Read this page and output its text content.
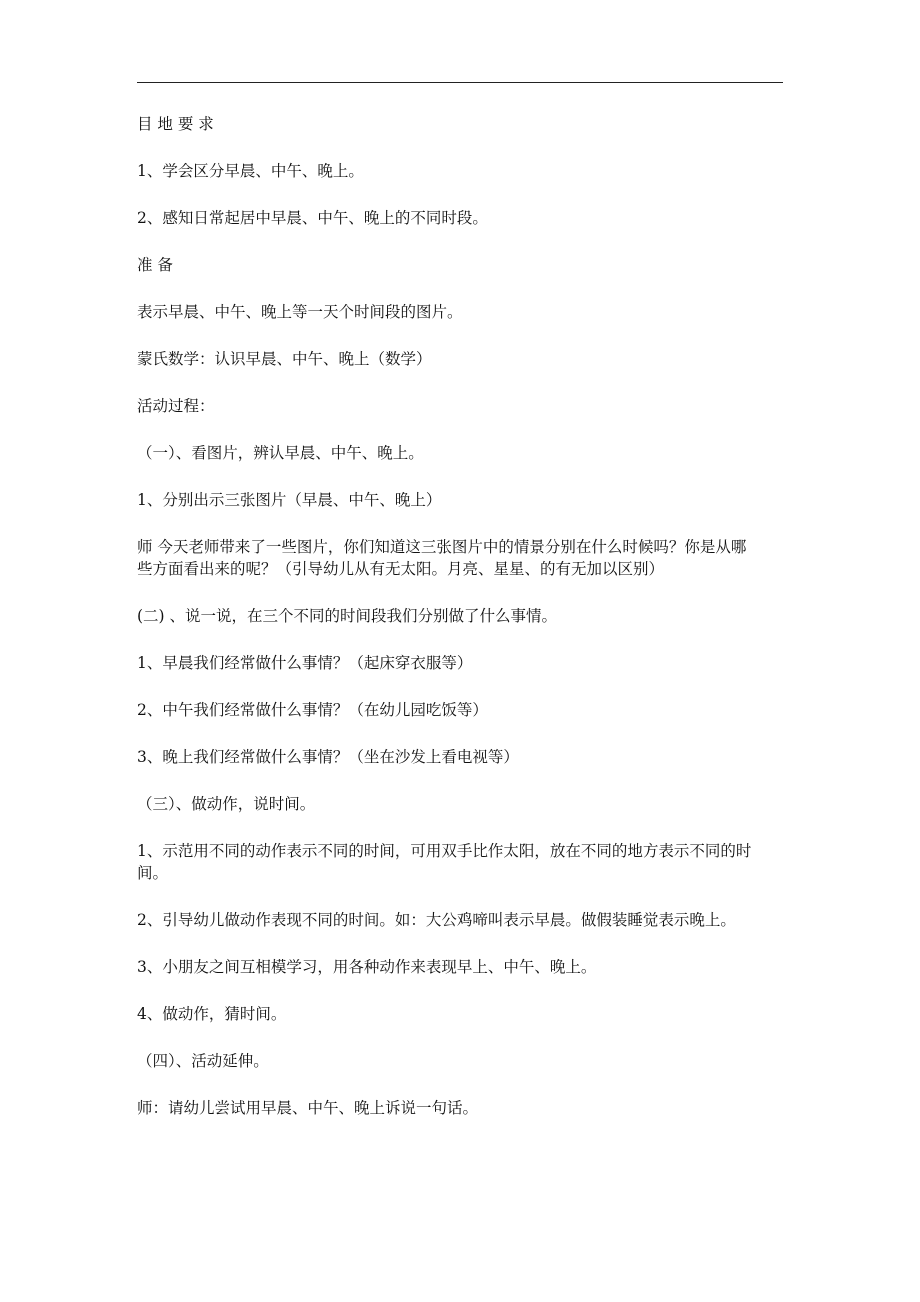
目 地 要 求
1、学会区分早晨、中午、晚上。
2、感知日常起居中早晨、中午、晚上的不同时段。
准 备
表示早晨、中午、晚上等一天个时间段的图片。
蒙氏数学：认识早晨、中午、晚上（数学）
活动过程：
（一）、看图片，辨认早晨、中午、晚上。
1、分别出示三张图片（早晨、中午、晚上）
师 今天老师带来了一些图片，你们知道这三张图片中的情景分别在什么时候吗？你是从哪
些方面看出来的呢？（引导幼儿从有无太阳。月亮、星星、的有无加以区别）
(二) 、说一说，在三个不同的时间段我们分别做了什么事情。
1、早晨我们经常做什么事情？（起床穿衣服等）
2、中午我们经常做什么事情？（在幼儿园吃饭等）
3、晚上我们经常做什么事情？（坐在沙发上看电视等）
（三）、做动作，说时间。
1、示范用不同的动作表示不同的时间，可用双手比作太阳，放在不同的地方表示不同的时
间。
2、引导幼儿做动作表现不同的时间。如：大公鸡啼叫表示早晨。做假装睡觉表示晚上。
3、小朋友之间互相模学习，用各种动作来表现早上、中午、晚上。
4、做动作，猜时间。
（四）、活动延伸。
师：请幼儿尝试用早晨、中午、晚上诉说一句话。
